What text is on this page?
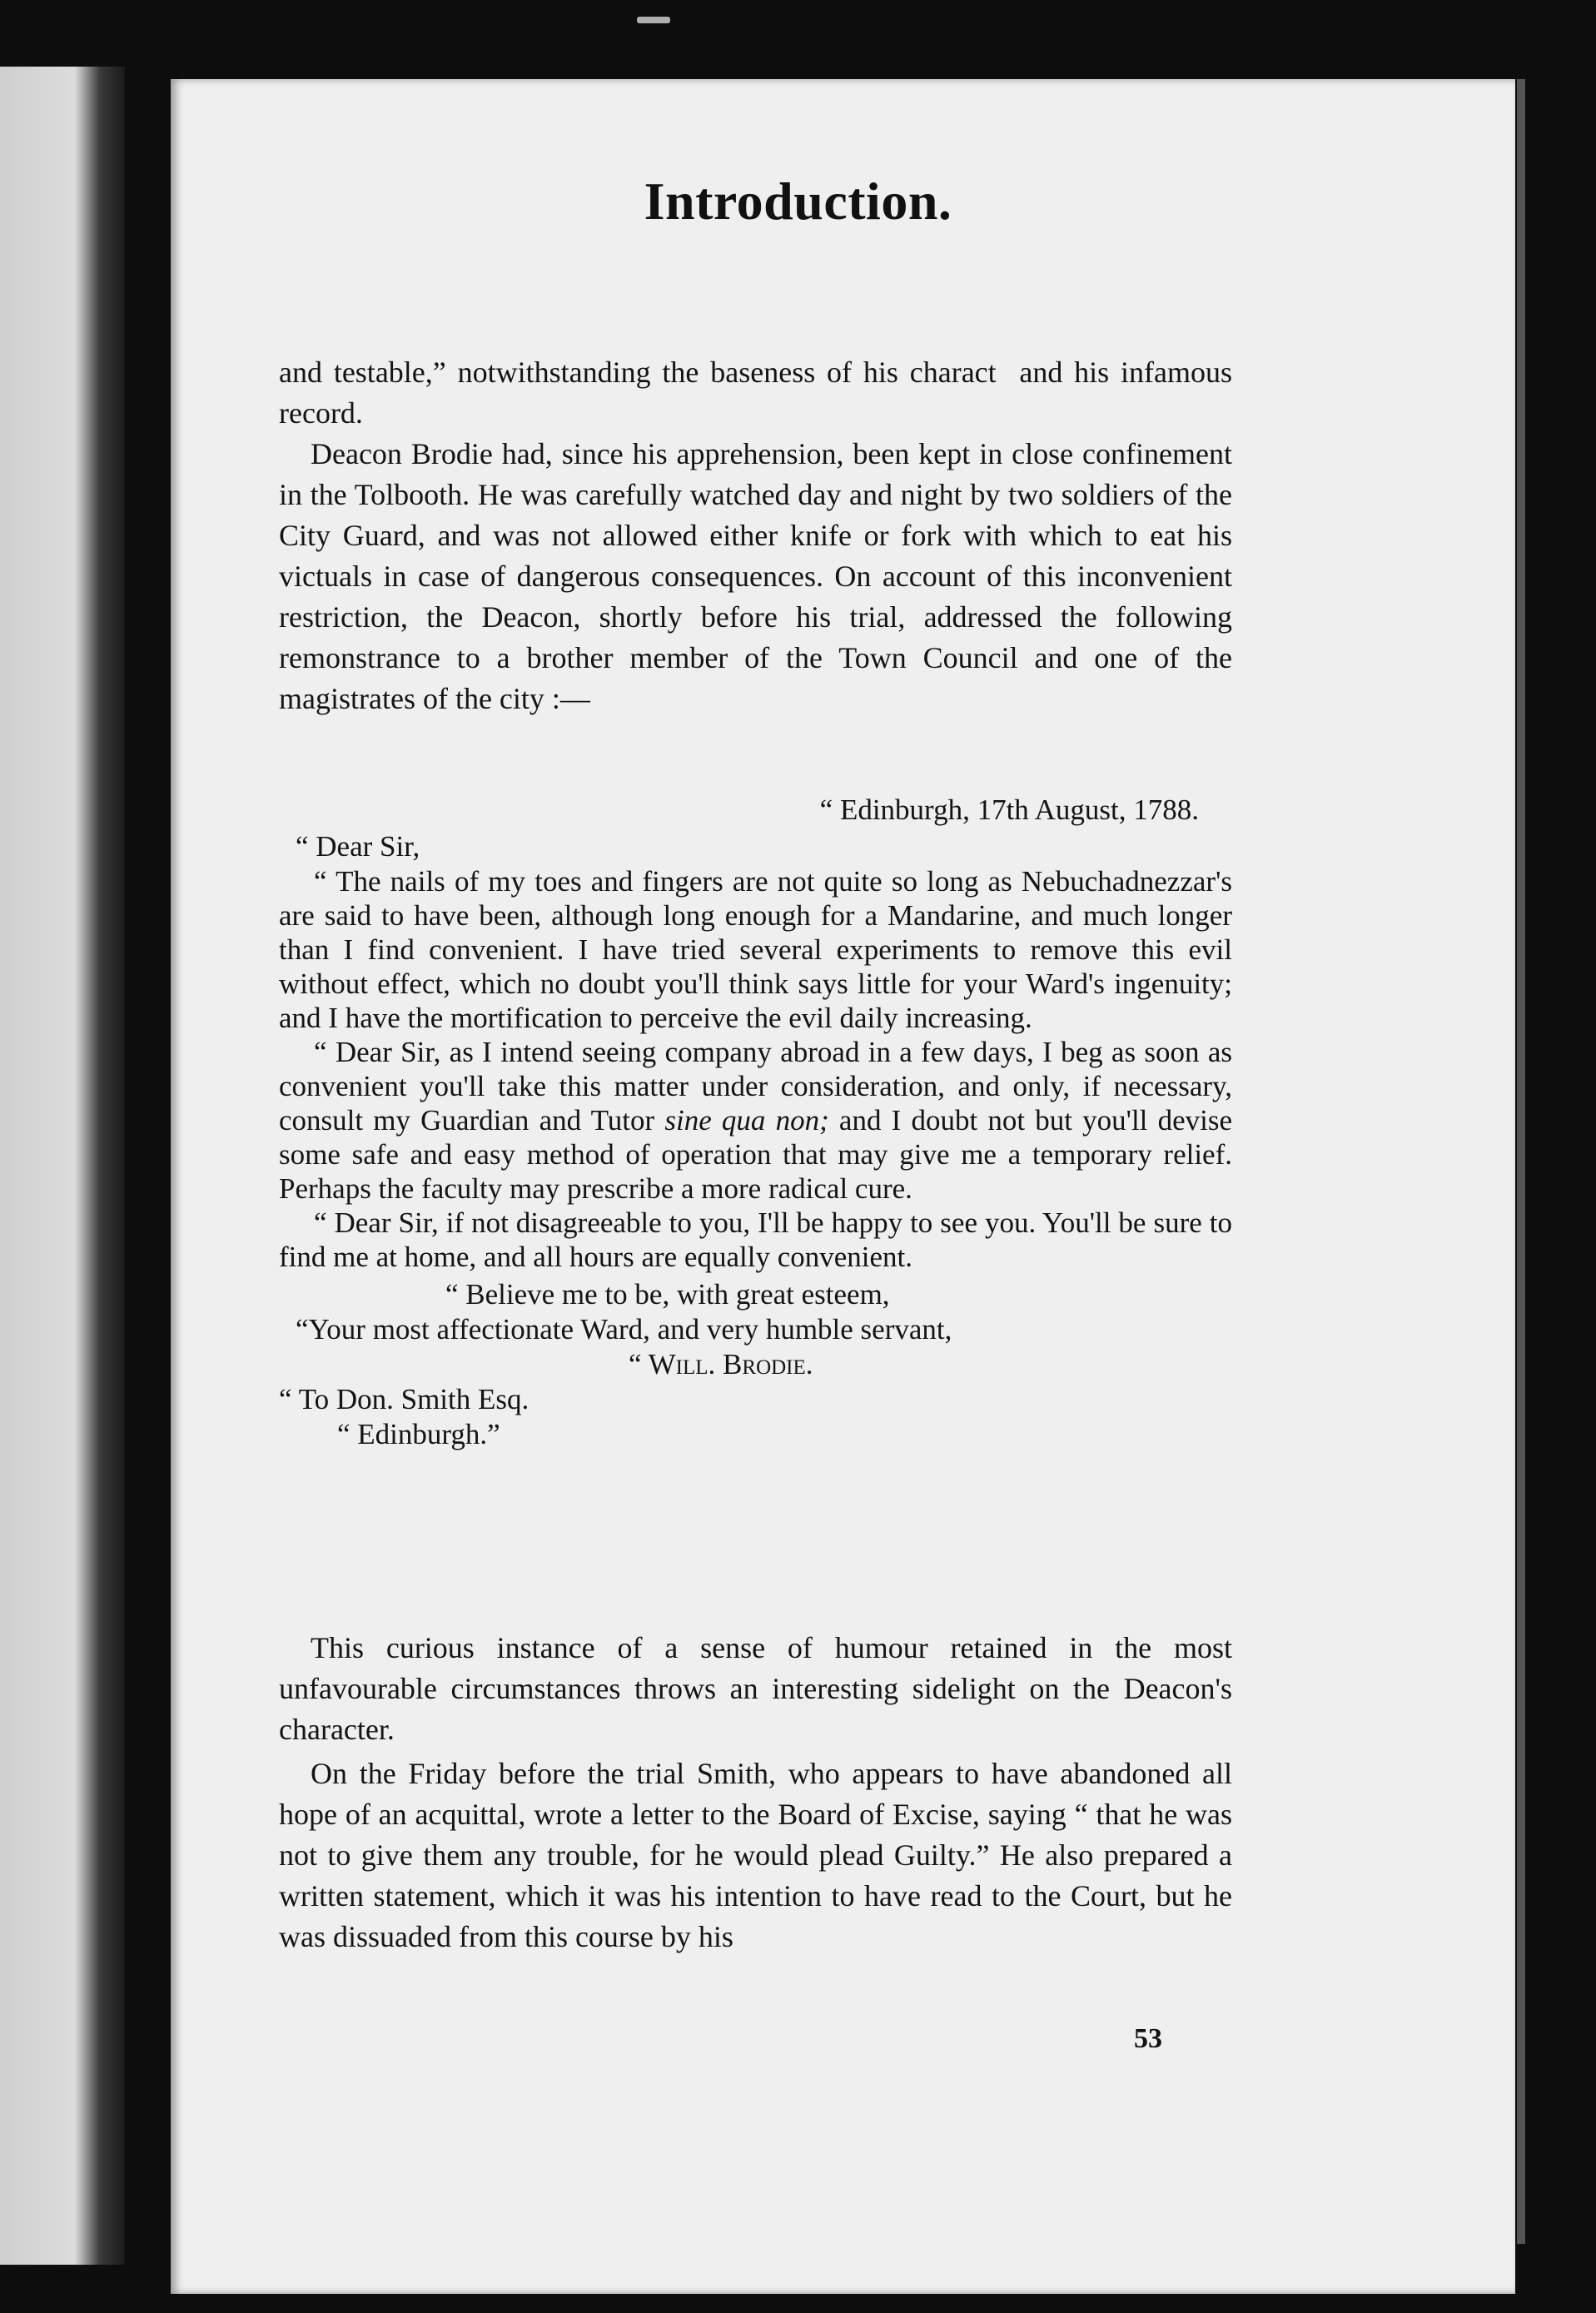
Introduction.

and testable,” notwithstanding the baseness of his charact  and his infamous record.

Deacon Brodie had, since his apprehension, been kept in close confinement in the Tolbooth. He was carefully watched day and night by two soldiers of the City Guard, and was not allowed either knife or fork with which to eat his victuals in case of dangerous consequences. On account of this inconvenient restriction, the Deacon, shortly before his trial, addressed the following remonstrance to a brother member of the Town Council and one of the magistrates of the city :—

“ Edinburgh, 17th August, 1788.

“ Dear Sir,

“ The nails of my toes and fingers are not quite so long as Nebuchadnezzar's are said to have been, although long enough for a Mandarine, and much longer than I find convenient. I have tried several experiments to remove this evil without effect, which no doubt you'll think says little for your Ward's ingenuity; and I have the mortification to perceive the evil daily increasing.

“ Dear Sir, as I intend seeing company abroad in a few days, I beg as soon as convenient you'll take this matter under consideration, and only, if necessary, consult my Guardian and Tutor sine qua non; and I doubt not but you'll devise some safe and easy method of operation that may give me a temporary relief. Perhaps the faculty may prescribe a more radical cure.

“ Dear Sir, if not disagreeable to you, I'll be happy to see you. You'll be sure to find me at home, and all hours are equally convenient.

“ Believe me to be, with great esteem,

“Your most affectionate Ward, and very humble servant,

“ Will. Brodie.

“ To Don. Smith Esq.

“ Edinburgh.”

This curious instance of a sense of humour retained in the most unfavourable circumstances throws an interesting sidelight on the Deacon's character.

On the Friday before the trial Smith, who appears to have abandoned all hope of an acquittal, wrote a letter to the Board of Excise, saying “ that he was not to give them any trouble, for he would plead Guilty.” He also prepared a written statement, which it was his intention to have read to the Court, but he was dissuaded from this course by his

53
